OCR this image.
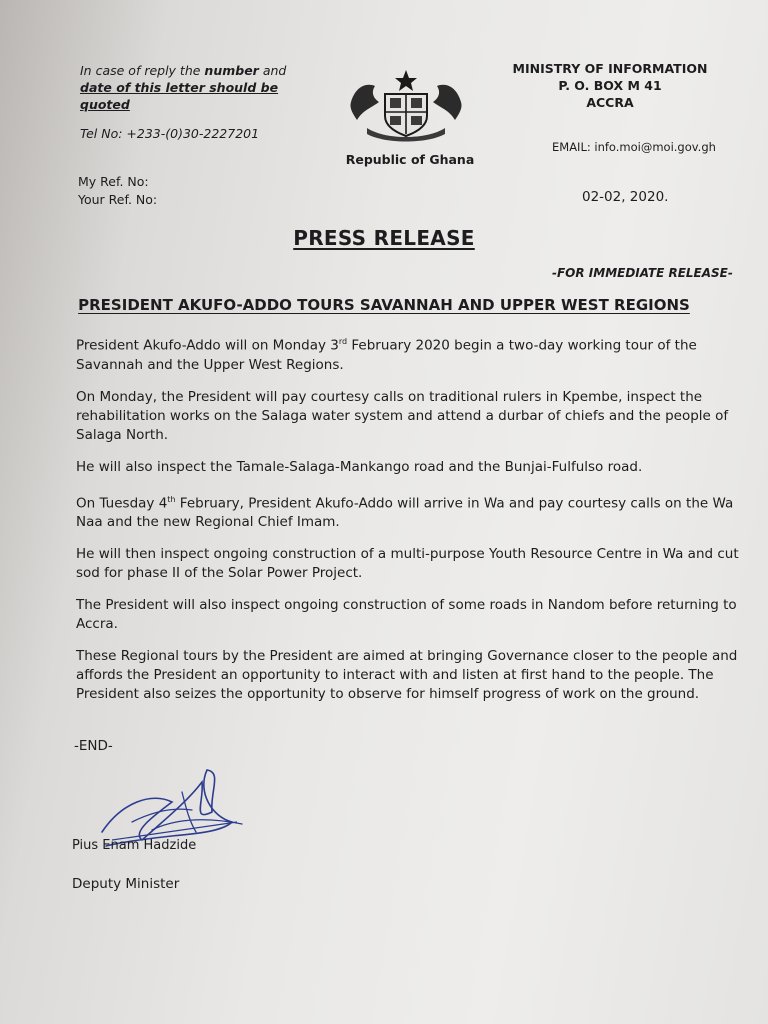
In case of reply the number and
date of this letter should be quoted
Tel No: +233-(0)30-2227201
My Ref. No:
Your Ref. No:
Republic of Ghana
MINISTRY OF INFORMATION
P. O. BOX M 41
ACCRA
EMAIL: info.moi@moi.gov.gh
02-02, 2020.
PRESS RELEASE
-FOR IMMEDIATE RELEASE-
PRESIDENT AKUFO-ADDO TOURS SAVANNAH AND UPPER WEST REGIONS

President Akufo-Addo will on Monday 3rd February 2020 begin a two-day working tour of the Savannah and the Upper West Regions.

On Monday, the President will pay courtesy calls on traditional rulers in Kpembe, inspect the rehabilitation works on the Salaga water system and attend a durbar of chiefs and the people of Salaga North.

He will also inspect the Tamale-Salaga-Mankango road and the Bunjai-Fulfulso road.

On Tuesday 4th February, President Akufo-Addo will arrive in Wa and pay courtesy calls on the Wa Naa and the new Regional Chief Imam.

He will then inspect ongoing construction of a multi-purpose Youth Resource Centre in Wa and cut sod for phase II of the Solar Power Project.

The President will also inspect ongoing construction of some roads in Nandom before returning to Accra.

These Regional tours by the President are aimed at bringing Governance closer to the people and affords the President an opportunity to interact with and listen at first hand to the people. The President also seizes the opportunity to observe for himself progress of work on the ground.

-END-
Pius Enam Hadzide
Deputy Minister
